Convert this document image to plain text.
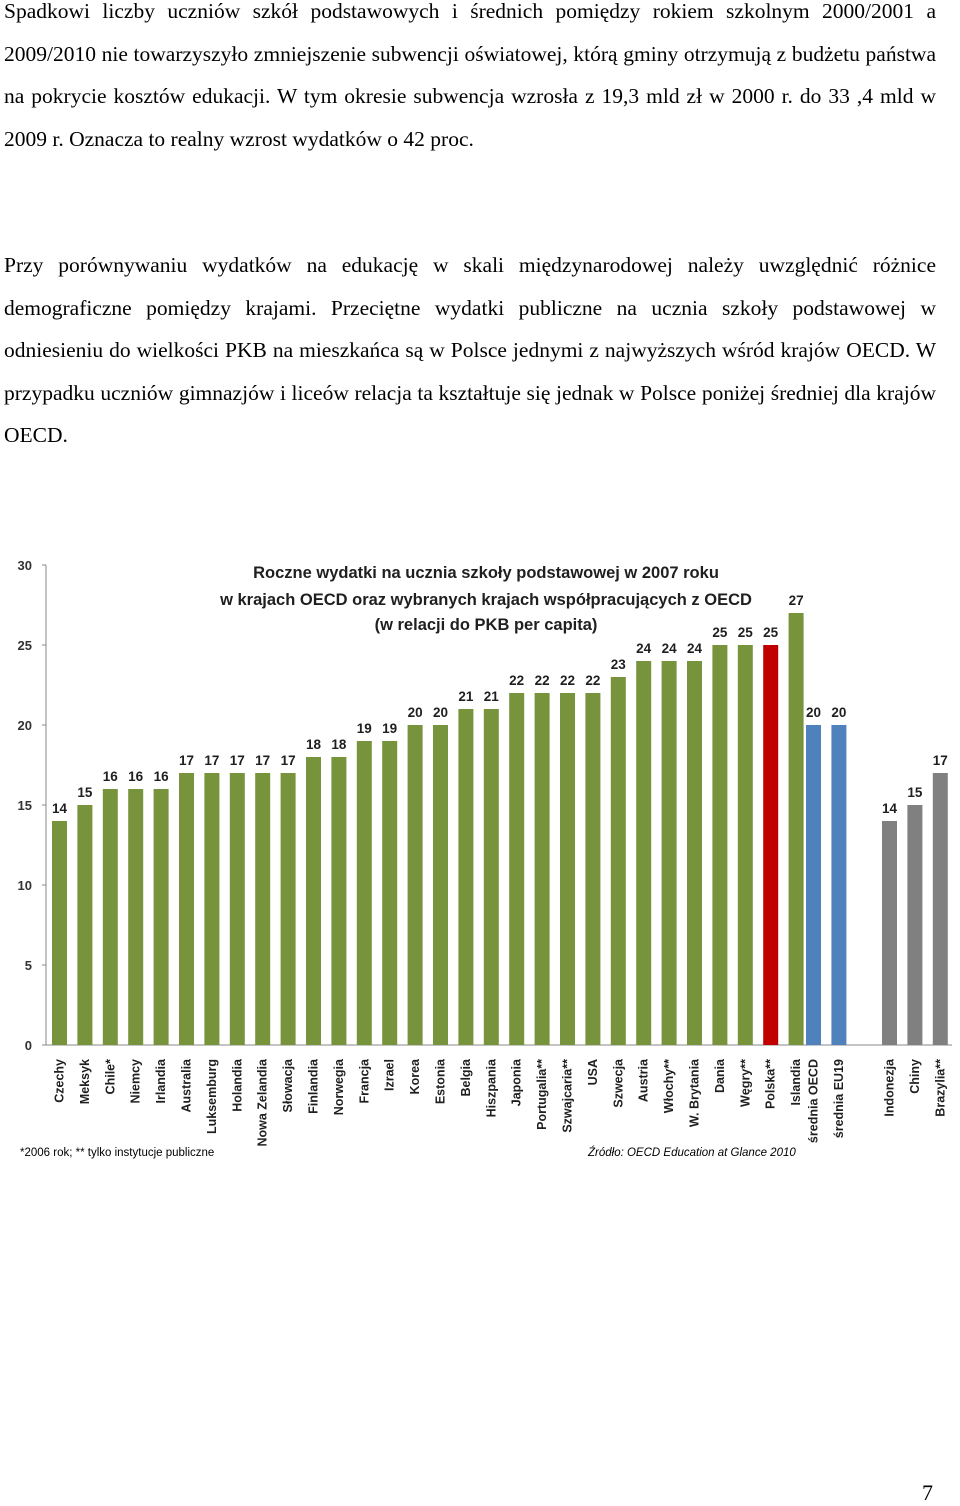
Spadkowi liczby uczniów szkół podstawowych i średnich pomiędzy rokiem szkolnym 2000/2001 a 2009/2010 nie towarzyszyło zmniejszenie subwencji oświatowej, którą gminy otrzymują z budżetu państwa na pokrycie kosztów edukacji. W tym okresie subwencja wzrosła z 19,3 mld zł w 2000 r. do 33 ,4 mld w 2009 r. Oznacza to realny wzrost wydatków o 42 proc.

Przy porównywaniu wydatków na edukację w skali międzynarodowej należy uwzględnić różnice demograficzne pomiędzy krajami. Przeciętne wydatki publiczne na ucznia szkoły podstawowej w odniesieniu do wielkości PKB na mieszkańca są w Polsce jednymi z najwyższych wśród krajów OECD. W przypadku uczniów gimnazjów i liceów relacja ta kształtuje się jednak w Polsce poniżej średniej dla krajów OECD.

Roczne wydatki na ucznia szkoły podstawowej w 2007 roku
w krajach OECD oraz wybranych krajach współpracujących z OECD
(w relacji do PKB per capita)
0
5
10
15
20
25
30
14
15
16 16 16
17 17 17 17 17
18 18
19 19
20 20
21 21
22 22 22 22
23
24 24 24
25 25 25
27
20 20
14
15
17
Czechy Meksyk Chile* Niemcy Irlandia Australia Luksemburg Holandia Nowa Zelandia Słowacja Finlandia Norwegia Francja Izrael Korea Estonia Belgia Hiszpania Japonia Portugalia** Szwajcaria** USA Szwecja Austria Włochy** W. Brytania Dania Węgry** Polska** Islandia średnia OECD średnia EU19	Indonezja Chiny Brazylia**
*2006 rok; ** tylko instytucje publiczne	Źródło: OECD Education at Glance 2010
7
